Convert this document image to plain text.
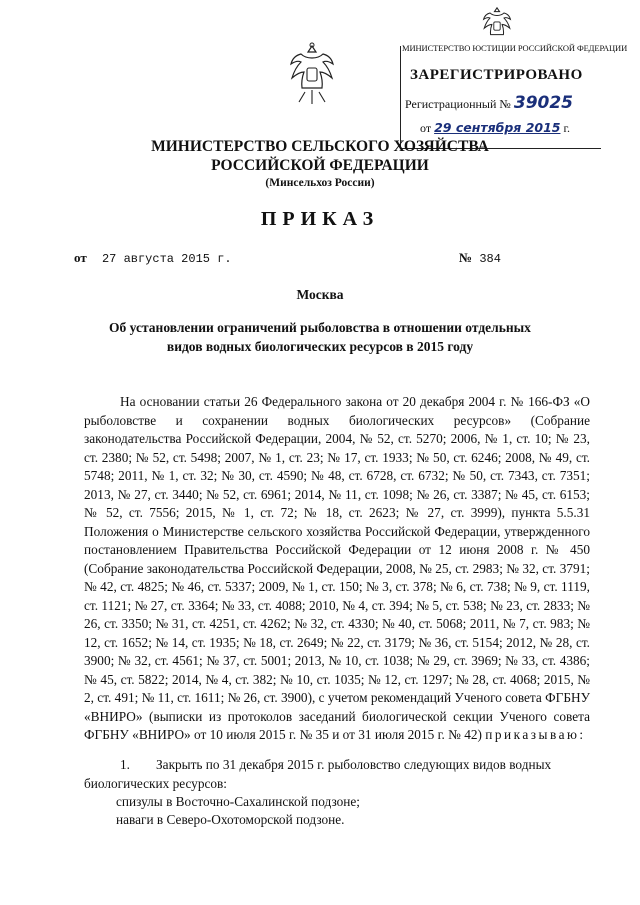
МИНИСТЕРСТВО ЮСТИЦИИ РОССИЙСКОЙ ФЕДЕРАЦИИ
ЗАРЕГИСТРИРОВАНО
Регистрационный № 39025
от 29 сентября 2015 г.
МИНИСТЕРСТВО СЕЛЬСКОГО ХОЗЯЙСТВА
РОССИЙСКОЙ ФЕДЕРАЦИИ
(Минсельхоз России)
ПРИКАЗ
от 27 августа 2015 г.	№ 384
Москва
Об установлении ограничений рыболовства в отношении отдельных
видов водных биологических ресурсов в 2015 году
На основании статьи 26 Федерального закона от 20 декабря 2004 г. № 166-ФЗ «О рыболовстве и сохранении водных биологических ресурсов» (Собрание законодательства Российской Федерации, 2004, № 52, ст. 5270; 2006, № 1, ст. 10; № 23, ст. 2380; № 52, ст. 5498; 2007, № 1, ст. 23; № 17, ст. 1933; № 50, ст. 6246; 2008, № 49, ст. 5748; 2011, № 1, ст. 32; № 30, ст. 4590; № 48, ст. 6728, ст. 6732; № 50, ст. 7343, ст. 7351; 2013, № 27, ст. 3440; № 52, ст. 6961; 2014, № 11, ст. 1098; № 26, ст. 3387; № 45, ст. 6153; № 52, ст. 7556; 2015, № 1, ст. 72; № 18, ст. 2623; № 27, ст. 3999), пункта 5.5.31 Положения о Министерстве сельского хозяйства Российской Федерации, утвержденного постановлением Правительства Российской Федерации от 12 июня 2008 г. № 450 (Собрание законодательства Российской Федерации, 2008, № 25, ст. 2983; № 32, ст. 3791; № 42, ст. 4825; № 46, ст. 5337; 2009, № 1, ст. 150; № 3, ст. 378; № 6, ст. 738; № 9, ст. 1119, ст. 1121; № 27, ст. 3364; № 33, ст. 4088; 2010, № 4, ст. 394; № 5, ст. 538; № 23, ст. 2833; № 26, ст. 3350; № 31, ст. 4251, ст. 4262; № 32, ст. 4330; № 40, ст. 5068; 2011, № 7, ст. 983; № 12, ст. 1652; № 14, ст. 1935; № 18, ст. 2649; № 22, ст. 3179; № 36, ст. 5154; 2012, № 28, ст. 3900; № 32, ст. 4561; № 37, ст. 5001; 2013, № 10, ст. 1038; № 29, ст. 3969; № 33, ст. 4386; № 45, ст. 5822; 2014, № 4, ст. 382; № 10, ст. 1035; № 12, ст. 1297; № 28, ст. 4068; 2015, № 2, ст. 491; № 11, ст. 1611; № 26, ст. 3900), с учетом рекомендаций Ученого совета ФГБНУ «ВНИРО» (выписки из протоколов заседаний биологической секции Ученого совета ФГБНУ «ВНИРО» от 10 июля 2015 г. № 35 и от 31 июля 2015 г. № 42) приказываю:
1. Закрыть по 31 декабря 2015 г. рыболовство следующих видов водных биологических ресурсов:
спизулы в Восточно-Сахалинской подзоне;
наваги в Северо-Охотоморской подзоне.
